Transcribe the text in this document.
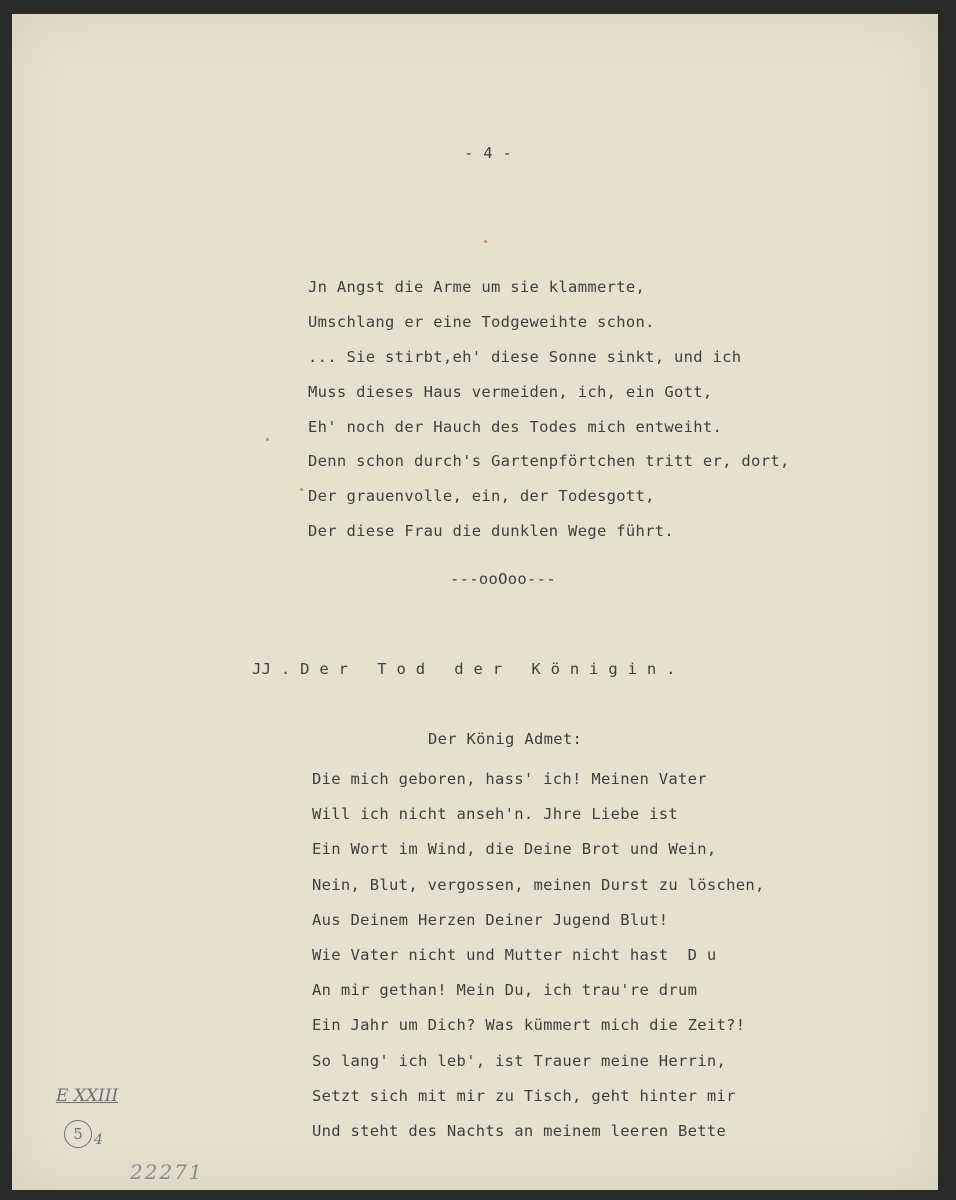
- 4 -
Jn Angst die Arme um sie klammerte,
Umschlang er eine Todgeweihte schon.
... Sie stirbt,eh' diese Sonne sinkt, und ich
Muss dieses Haus vermeiden, ich, ein Gott,
Eh' noch der Hauch des Todes mich entweiht.
Denn schon durch's Gartenpförtchen tritt er, dort,
Der grauenvolle, ein, der Todesgott,
Der diese Frau die dunklen Wege führt.
---ooOoo---
JJ . D e r   T o d   d e r   K ö n i g i n .
Der König Admet:
Die mich geboren, hass' ich! Meinen Vater
Will ich nicht anseh'n. Jhre Liebe ist
Ein Wort im Wind, die Deine Brot und Wein,
Nein, Blut, vergossen, meinen Durst zu löschen,
Aus Deinem Herzen Deiner Jugend Blut!
Wie Vater nicht und Mutter nicht hast  D u
An mir gethan! Mein Du, ich trau're drum
Ein Jahr um Dich? Was kümmert mich die Zeit?!
So lang' ich leb', ist Trauer meine Herrin,
Setzt sich mit mir zu Tisch, geht hinter mir
Und steht des Nachts an meinem leeren Bette
E XXIII
5 4
22271
